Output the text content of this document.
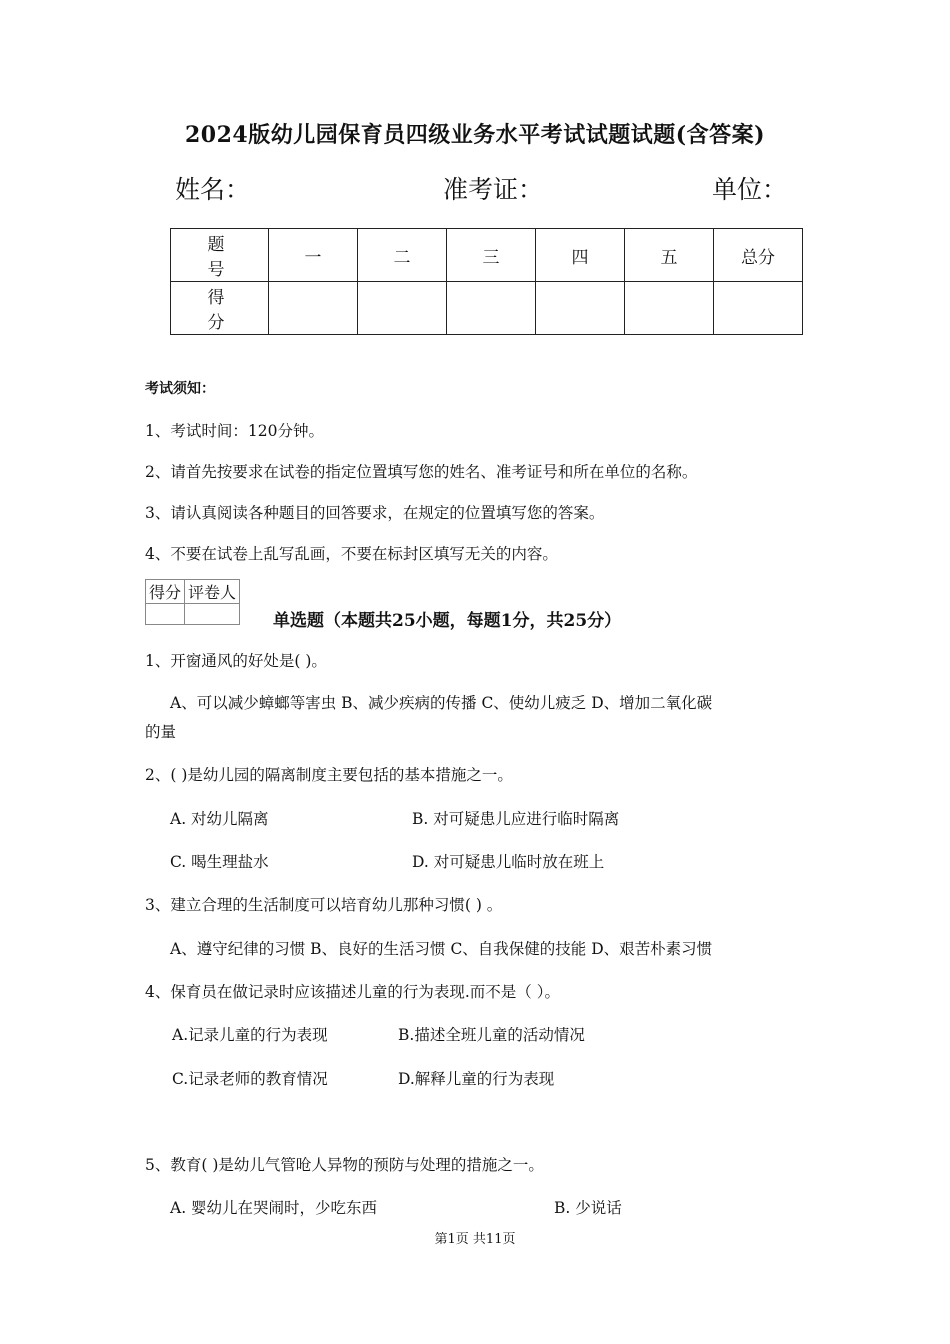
2024版幼儿园保育员四级业务水平考试试题试题(含答案)
姓名：	准考证：	单位：
题 号	一	二	三	四	五	总分
得 分						
考试须知：
1、考试时间：120分钟。
2、请首先按要求在试卷的指定位置填写您的姓名、准考证号和所在单位的名称。
3、请认真阅读各种题目的回答要求，在规定的位置填写您的答案。
4、不要在试卷上乱写乱画，不要在标封区填写无关的内容。
得分	评卷人

单选题（本题共25小题，每题1分，共25分）
1、开窗通风的好处是( )。
A、可以减少蟑螂等害虫 B、减少疾病的传播 C、使幼儿疲乏 D、增加二氧化碳
的量
2、( )是幼儿园的隔离制度主要包括的基本措施之一。
A. 对幼儿隔离	B. 对可疑患儿应进行临时隔离
C. 喝生理盐水	D. 对可疑患儿临时放在班上
3、建立合理的生活制度可以培育幼儿那种习惯( ) 。
A、遵守纪律的习惯 B、良好的生活习惯 C、自我保健的技能 D、艰苦朴素习惯
4、保育员在做记录时应该描述儿童的行为表现.而不是（ ）。
A.记录儿童的行为表现	B.描述全班儿童的活动情况
C.记录老师的教育情况	D.解释儿童的行为表现
5、教育( )是幼儿气管呛人异物的预防与处理的措施之一。
A. 婴幼儿在哭闹时，少吃东西	B. 少说话
第1页 共11页
